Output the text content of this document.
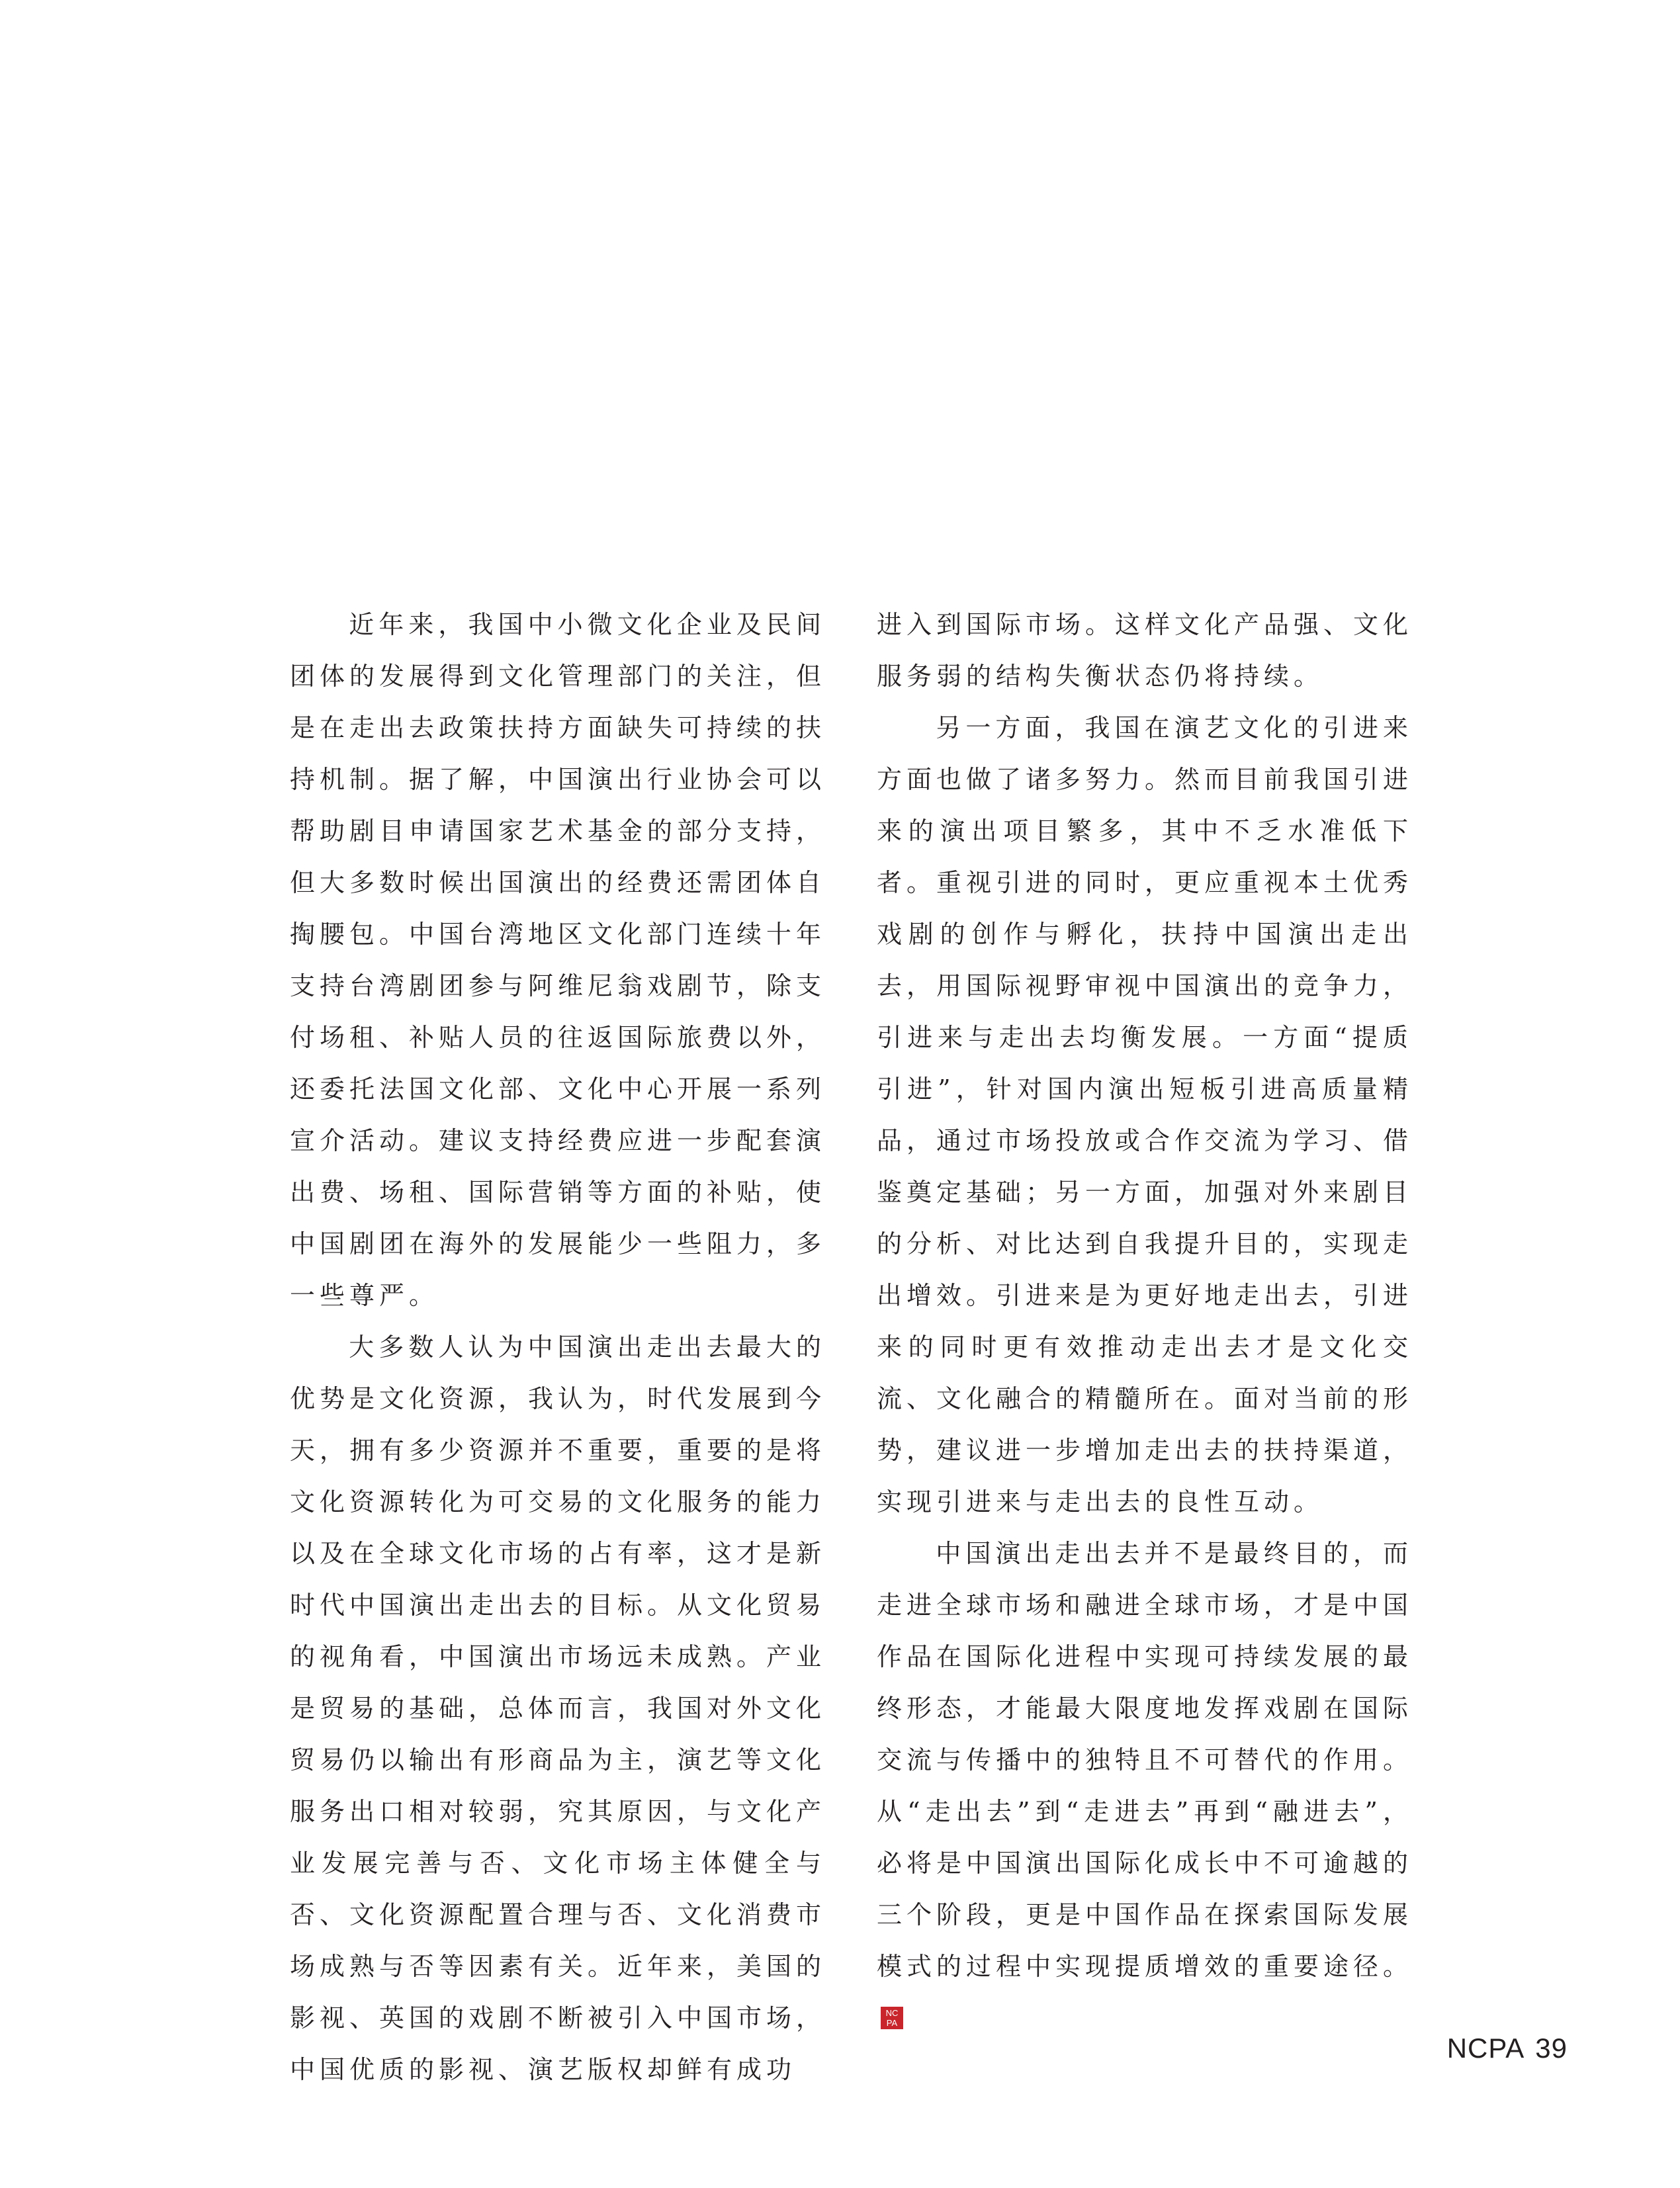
近年来，我国中小微文化企业及民间团体的发展得到文化管理部门的关注，但是在走出去政策扶持方面缺失可持续的扶持机制。据了解，中国演出行业协会可以帮助剧目申请国家艺术基金的部分支持，但大多数时候出国演出的经费还需团体自掏腰包。中国台湾地区文化部门连续十年支持台湾剧团参与阿维尼翁戏剧节，除支付场租、补贴人员的往返国际旅费以外，还委托法国文化部、文化中心开展一系列宣介活动。建议支持经费应进一步配套演出费、场租、国际营销等方面的补贴，使中国剧团在海外的发展能少一些阻力，多一些尊严。

大多数人认为中国演出走出去最大的优势是文化资源，我认为，时代发展到今天，拥有多少资源并不重要，重要的是将文化资源转化为可交易的文化服务的能力以及在全球文化市场的占有率，这才是新时代中国演出走出去的目标。从文化贸易的视角看，中国演出市场远未成熟。产业是贸易的基础，总体而言，我国对外文化贸易仍以输出有形商品为主，演艺等文化服务出口相对较弱，究其原因，与文化产业发展完善与否、文化市场主体健全与否、文化资源配置合理与否、文化消费市场成熟与否等因素有关。近年来，美国的影视、英国的戏剧不断被引入中国市场，中国优质的影视、演艺版权却鲜有成功

进入到国际市场。这样文化产品强、文化服务弱的结构失衡状态仍将持续。

另一方面，我国在演艺文化的引进来方面也做了诸多努力。然而目前我国引进来的演出项目繁多，其中不乏水准低下者。重视引进的同时，更应重视本土优秀戏剧的创作与孵化，扶持中国演出走出去，用国际视野审视中国演出的竞争力，引进来与走出去均衡发展。一方面“提质引进”，针对国内演出短板引进高质量精品，通过市场投放或合作交流为学习、借鉴奠定基础；另一方面，加强对外来剧目的分析、对比达到自我提升目的，实现走出增效。引进来是为更好地走出去，引进来的同时更有效推动走出去才是文化交流、文化融合的精髓所在。面对当前的形势，建议进一步增加走出去的扶持渠道，实现引进来与走出去的良性互动。

中国演出走出去并不是最终目的，而走进全球市场和融进全球市场，才是中国作品在国际化进程中实现可持续发展的最终形态，才能最大限度地发挥戏剧在国际交流与传播中的独特且不可替代的作用。从“走出去”到“走进去”再到“融进去”，必将是中国演出国际化成长中不可逾越的三个阶段，更是中国作品在探索国际发展模式的过程中实现提质增效的重要途径。
NC
PA

NCPA 39
